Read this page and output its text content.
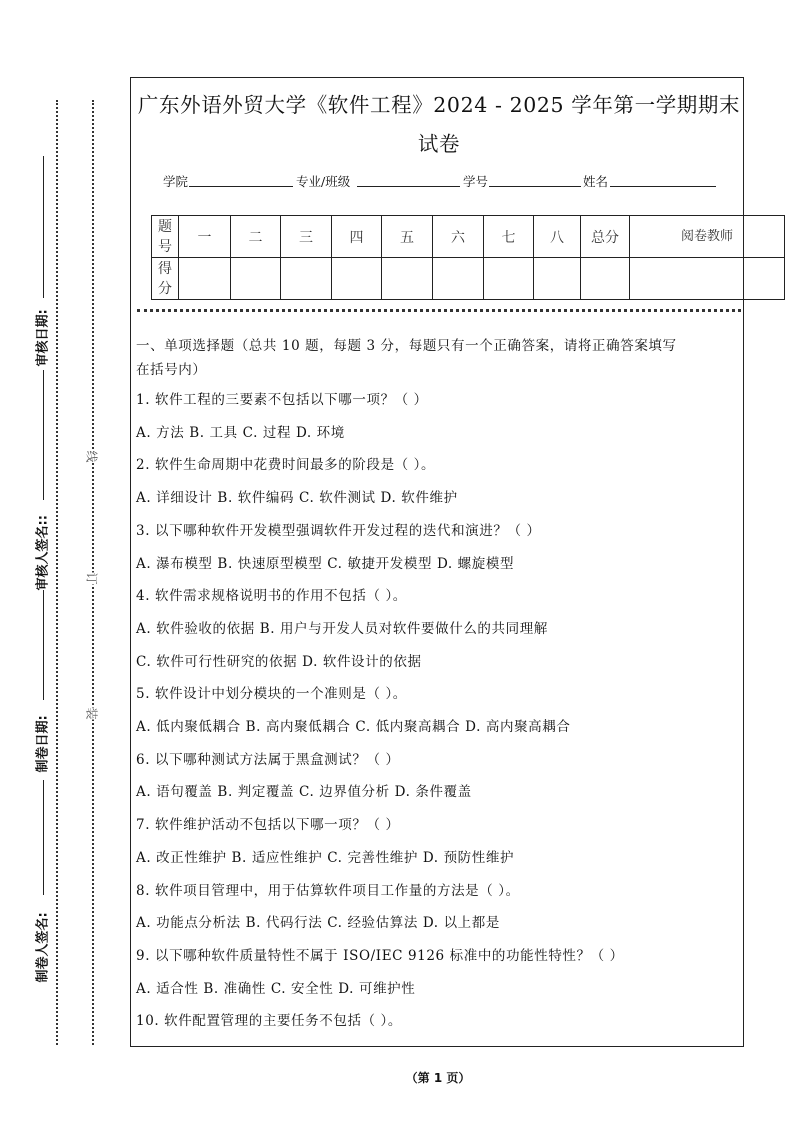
审核日期:
审核人签名::
制卷日期:
制卷人签名:
线
订
装
广东外语外贸大学《软件工程》2024 - 2025 学年第一学期期末试卷
学院	专业/班级	学号	姓名
题号	一	二	三	四	五	六	七	八	总分	阅卷教师
得分										
一、单项选择题（总共 10 题，每题 3 分，每题只有一个正确答案，请将正确答案填写
在括号内）
1. 软件工程的三要素不包括以下哪一项？（ ）
A. 方法 B. 工具 C. 过程 D. 环境
2. 软件生命周期中花费时间最多的阶段是（ ）。
A. 详细设计 B. 软件编码 C. 软件测试 D. 软件维护
3. 以下哪种软件开发模型强调软件开发过程的迭代和演进？（ ）
A. 瀑布模型 B. 快速原型模型 C. 敏捷开发模型 D. 螺旋模型
4. 软件需求规格说明书的作用不包括（ ）。
A. 软件验收的依据 B. 用户与开发人员对软件要做什么的共同理解
C. 软件可行性研究的依据 D. 软件设计的依据
5. 软件设计中划分模块的一个准则是（ ）。
A. 低内聚低耦合 B. 高内聚低耦合 C. 低内聚高耦合 D. 高内聚高耦合
6. 以下哪种测试方法属于黑盒测试？（ ）
A. 语句覆盖 B. 判定覆盖 C. 边界值分析 D. 条件覆盖
7. 软件维护活动不包括以下哪一项？（ ）
A. 改正性维护 B. 适应性维护 C. 完善性维护 D. 预防性维护
8. 软件项目管理中，用于估算软件项目工作量的方法是（ ）。
A. 功能点分析法 B. 代码行法 C. 经验估算法 D. 以上都是
9. 以下哪种软件质量特性不属于 ISO/IEC 9126 标准中的功能性特性？（ ）
A. 适合性 B. 准确性 C. 安全性 D. 可维护性
10. 软件配置管理的主要任务不包括（ ）。
（第 1 页）
